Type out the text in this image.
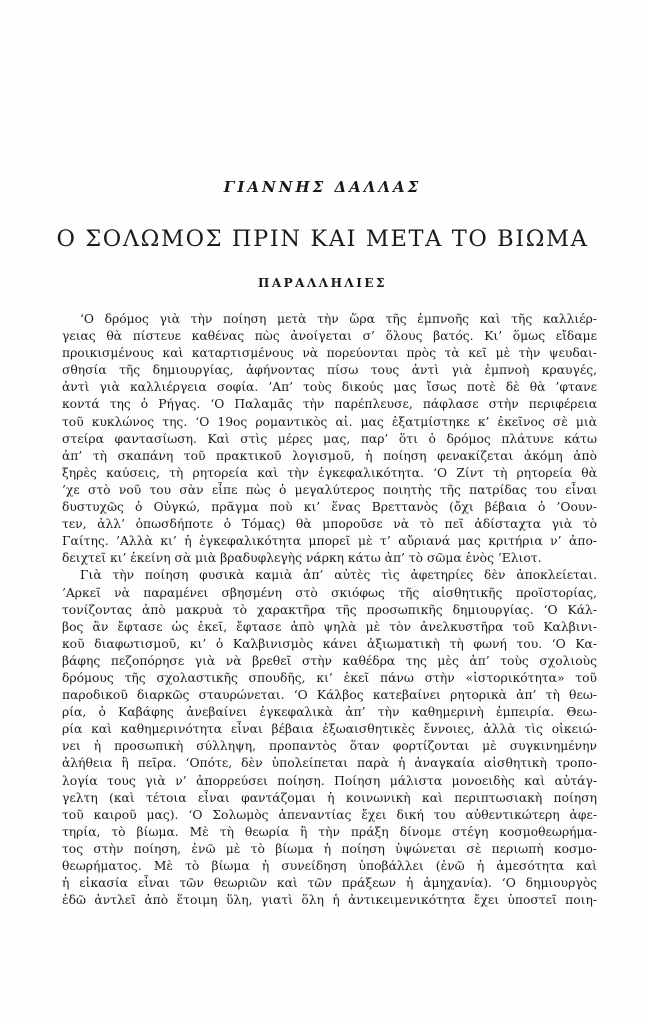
ΓΙΑΝΝΗΣ ΔΑΛΛΑΣ
Ο ΣΟΛΩΜΟΣ ΠΡΙΝ ΚΑΙ ΜΕΤΑ ΤΟ ΒΙΩΜΑ
ΠΑΡΑΛΛΗΛΙΕΣ
‘Ο δρόμος γιὰ τὴν ποίηση μετὰ τὴν ὥρα τῆς ἐμπνοῆς καὶ τῆς καλλιέρ-
γειας θὰ πίστευε καθένας πὼς ἀνοίγεται σ’ ὅλους βατός. Κι’ ὅμως εἴδαμε
προικισμένους καὶ καταρτισμένους νὰ πορεύονται πρὸς τὰ κεῖ μὲ τὴν ψευδαι-
σθησία τῆς δημιουργίας, ἀφήνοντας πίσω τους ἀντὶ γιὰ ἐμπνοὴ κραυγές,
ἀντὶ γιὰ καλλιέργεια σοφία. ’Απ’ τοὺς δικούς μας ἴσως ποτὲ δὲ θὰ ’φτανε
κοντά της ὁ Ρήγας. ‘Ο Παλαμᾶς τὴν παρέπλευσε, πάφλασε στὴν περιφέρεια
τοῦ κυκλώνος της. ‘Ο 19ος ρομαντικὸς αἰ. μας ἐξατμίστηκε κ’ ἐκεῖνος σὲ μιὰ
στείρα φαντασίωση. Καὶ στὶς μέρες μας, παρ’ ὅτι ὁ δρόμος πλάτυνε κάτω
ἀπ’ τὴ σκαπάνη τοῦ πρακτικοῦ λογισμοῦ, ἡ ποίηση φενακίζεται ἀκόμη ἀπὸ
ξηρὲς καύσεις, τὴ ρητορεία καὶ τὴν ἐγκεφαλικότητα. ‘Ο Ζίντ τὴ ρητορεία θὰ
’χε στὸ νοῦ του σὰν εἶπε πὼς ὁ μεγαλύτερος ποιητὴς τῆς πατρίδας του εἶναι
δυστυχῶς ὁ Οὐγκώ, πρᾶγμα ποὺ κι’ ἕνας Βρεττανὸς (ὄχι βέβαια ὁ ’Οουν-
τεν, ἀλλ’ ὁπωσδήποτε ὁ Τόμας) θὰ μποροῦσε νὰ τὸ πεῖ ἀδίσταχτα γιὰ τὸ
Γαίτης. ’Αλλὰ κι’ ἡ ἐγκεφαλικότητα μπορεῖ μὲ τ’ αὔριανά μας κριτήρια ν’ ἀπο-
δειχτεῖ κι’ ἐκείνη σὰ μιὰ βραδυφλεγὴς νάρκη κάτω ἀπ’ τὸ σῶμα ἑνὸς ’Ελιοτ.
Γιὰ τὴν ποίηση φυσικὰ καμιὰ ἀπ’ αὐτὲς τὶς ἀφετηρίες δὲν ἀποκλείεται.
’Αρκεῖ νὰ παραμένει σβησμένη στὸ σκιόφως τῆς αἰσθητικῆς προϊστορίας,
τονίζοντας ἀπὸ μακρυὰ τὸ χαρακτῆρα τῆς προσωπικῆς δημιουργίας. ‘Ο Κάλ-
βος ἂν ἔφτασε ὡς ἐκεῖ, ἔφτασε ἀπὸ ψηλὰ μὲ τὸν ἀνελκυστῆρα τοῦ Καλβινι-
κοῦ διαφωτισμοῦ, κι’ ὁ Καλβινισμὸς κάνει ἀξιωματικὴ τὴ φωνή του. ‘Ο Κα-
βάφης πεζοπόρησε γιὰ νὰ βρεθεῖ στὴν καθέδρα της μὲς ἀπ’ τοὺς σχολιοὺς
δρόμους τῆς σχολαστικῆς σπουδῆς, κι’ ἐκεῖ πάνω στὴν «ἱστορικότητα» τοῦ
παροδικοῦ διαρκῶς σταυρώνεται. ‘Ο Κάλβος κατεβαίνει ρητορικὰ ἀπ’ τὴ θεω-
ρία, ὁ Καβάφης ἀνεβαίνει ἐγκεφαλικὰ ἀπ’ τὴν καθημερινὴ ἐμπειρία. Θεω-
ρία καὶ καθημερινότητα εἶναι βέβαια ἐξωαισθητικὲς ἔννοιες, ἀλλὰ τὶς οἰκειώ-
νει ἡ προσωπικὴ σύλληψη, προπαντὸς ὅταν φορτίζονται μὲ συγκινημένην
ἀλήθεια ἢ πεῖρα. ‘Οπότε, δὲν ὑπολείπεται παρὰ ἡ ἀναγκαία αἰσθητικὴ τροπο-
λογία τους γιὰ ν’ ἀπορρεύσει ποίηση. Ποίηση μάλιστα μονοειδὴς καὶ αὐτάγ-
γελτη (καὶ τέτοια εἶναι φαντάζομαι ἡ κοινωνικὴ καὶ περιπτωσιακὴ ποίηση
τοῦ καιροῦ μας). ‘Ο Σολωμὸς ἀπεναντίας ἔχει δική του αὐθεντικώτερη ἀφε-
τηρία, τὸ βίωμα. Μὲ τὴ θεωρία ἢ τὴν πράξη δίνομε στέγη κοσμοθεωρήμα-
τος στὴν ποίηση, ἐνῶ μὲ τὸ βίωμα ἡ ποίηση ὑψώνεται σὲ περιωπὴ κοσμο-
θεωρήματος. Μὲ τὸ βίωμα ἡ συνείδηση ὑποβάλλει (ἐνῶ ἡ ἀμεσότητα καὶ
ἡ εἰκασία εἶναι τῶν θεωριῶν καὶ τῶν πράξεων ἡ ἀμηχανία). ‘Ο δημιουργὸς
ἐδῶ ἀντλεῖ ἀπὸ ἕτοιμη ὕλη, γιατὶ ὅλη ἡ ἀντικειμενικότητα ἔχει ὑποστεῖ ποιη-
